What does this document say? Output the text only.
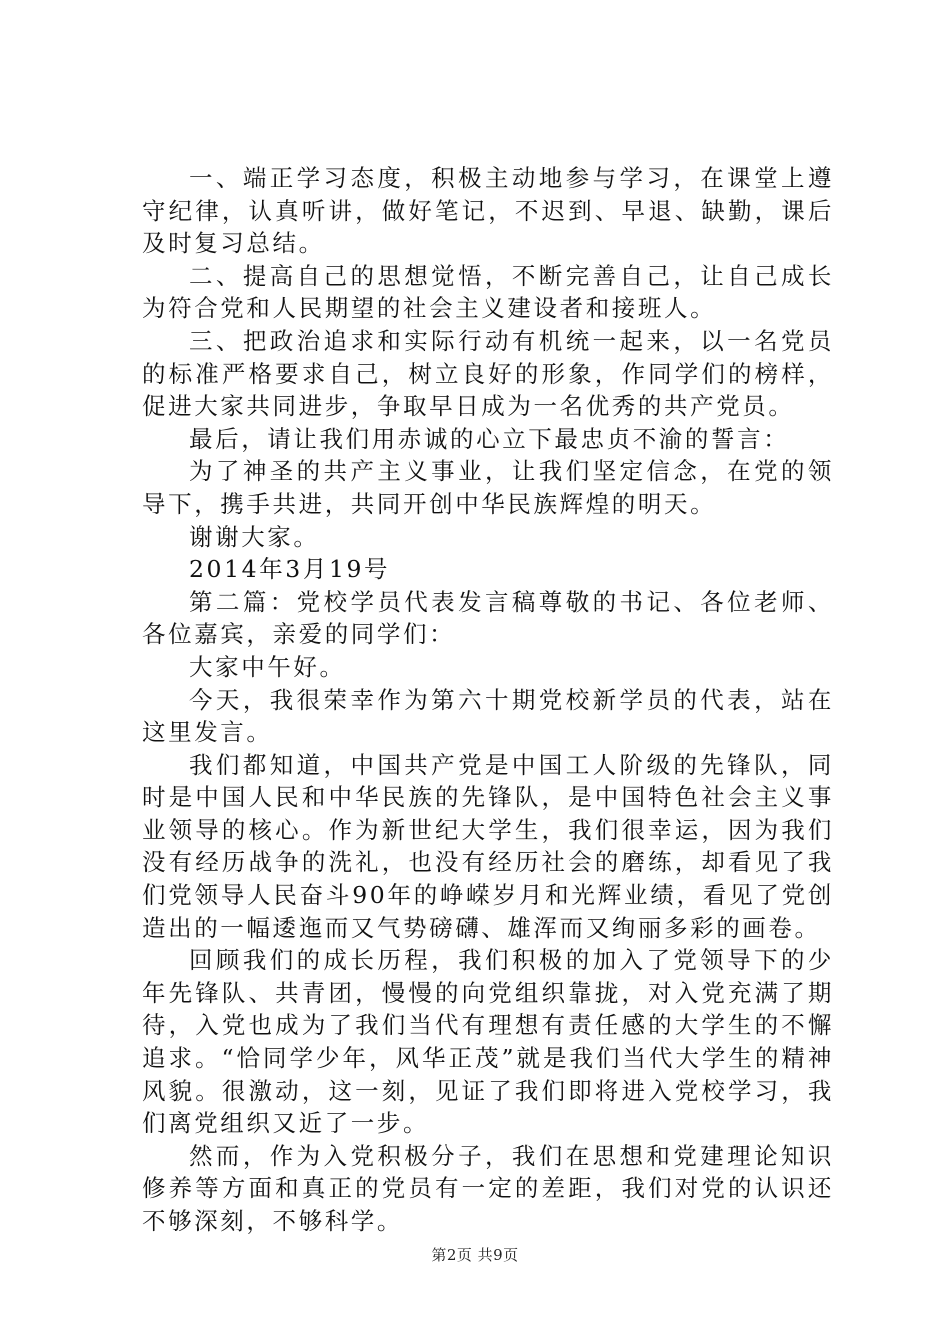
一、端正学习态度，积极主动地参与学习，在课堂上遵守纪律，认真听讲，做好笔记，不迟到、早退、缺勤，课后及时复习总结。

二、提高自己的思想觉悟，不断完善自己，让自己成长为符合党和人民期望的社会主义建设者和接班人。

三、把政治追求和实际行动有机统一起来，以一名党员的标准严格要求自己，树立良好的形象，作同学们的榜样，促进大家共同进步，争取早日成为一名优秀的共产党员。

最后，请让我们用赤诚的心立下最忠贞不渝的誓言：

为了神圣的共产主义事业，让我们坚定信念，在党的领导下，携手共进，共同开创中华民族辉煌的明天。

谢谢大家。

2014年3月19号

第二篇：党校学员代表发言稿尊敬的书记、各位老师、各位嘉宾，亲爱的同学们：

大家中午好。

今天，我很荣幸作为第六十期党校新学员的代表，站在这里发言。

我们都知道，中国共产党是中国工人阶级的先锋队，同时是中国人民和中华民族的先锋队，是中国特色社会主义事业领导的核心。作为新世纪大学生，我们很幸运，因为我们没有经历战争的洗礼，也没有经历社会的磨练，却看见了我们党领导人民奋斗90年的峥嵘岁月和光辉业绩，看见了党创造出的一幅逶迤而又气势磅礴、雄浑而又绚丽多彩的画卷。

回顾我们的成长历程，我们积极的加入了党领导下的少年先锋队、共青团，慢慢的向党组织靠拢，对入党充满了期待，入党也成为了我们当代有理想有责任感的大学生的不懈追求。“恰同学少年，风华正茂”就是我们当代大学生的精神风貌。很激动，这一刻，见证了我们即将进入党校学习，我们离党组织又近了一步。

然而，作为入党积极分子，我们在思想和党建理论知识修养等方面和真正的党员有一定的差距，我们对党的认识还不够深刻，不够科学。

第2页 共9页
